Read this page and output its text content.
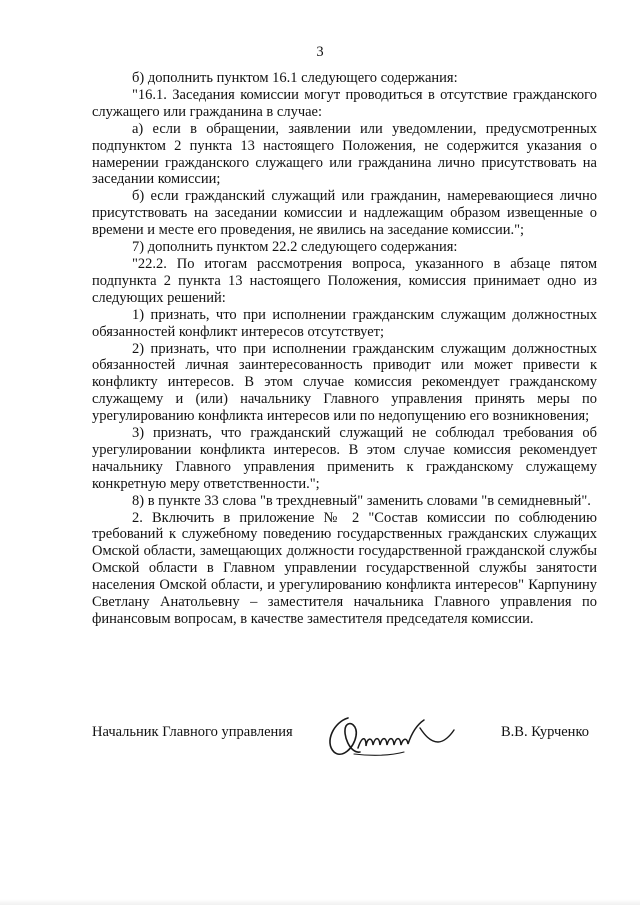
3

б) дополнить пунктом 16.1 следующего содержания:

"16.1. Заседания комиссии могут проводиться в отсутствие гражданского служащего или гражданина в случае:

а) если в обращении, заявлении или уведомлении, предусмотренных подпунктом 2 пункта 13 настоящего Положения, не содержится указания о намерении гражданского служащего или гражданина лично присутствовать на заседании комиссии;

б) если гражданский служащий или гражданин, намеревающиеся лично присутствовать на заседании комиссии и надлежащим образом извещенные о времени и месте его проведения, не явились на заседание комиссии.";

7) дополнить пунктом 22.2 следующего содержания:

"22.2. По итогам рассмотрения вопроса, указанного в абзаце пятом подпункта 2 пункта 13 настоящего Положения, комиссия принимает одно из следующих решений:

1) признать, что при исполнении гражданским служащим должностных обязанностей конфликт интересов отсутствует;

2) признать, что при исполнении гражданским служащим должностных обязанностей личная заинтересованность приводит или может привести к конфликту интересов. В этом случае комиссия рекомендует гражданскому служащему и (или) начальнику Главного управления принять меры по урегулированию конфликта интересов или по недопущению его возникновения;

3) признать, что гражданский служащий не соблюдал требования об урегулировании конфликта интересов. В этом случае комиссия рекомендует начальнику Главного управления применить к гражданскому служащему конкретную меру ответственности.";

8) в пункте 33 слова "в трехдневный" заменить словами "в семидневный".

2. Включить в приложение № 2 "Состав комиссии по соблюдению требований к служебному поведению государственных гражданских служащих Омской области, замещающих должности государственной гражданской службы Омской области в Главном управлении государственной службы занятости населения Омской области, и урегулированию конфликта интересов" Карпунину Светлану Анатольевну – заместителя начальника Главного управления по финансовым вопросам, в качестве заместителя председателя комиссии.

Начальник Главного управления	В.В. Курченко
